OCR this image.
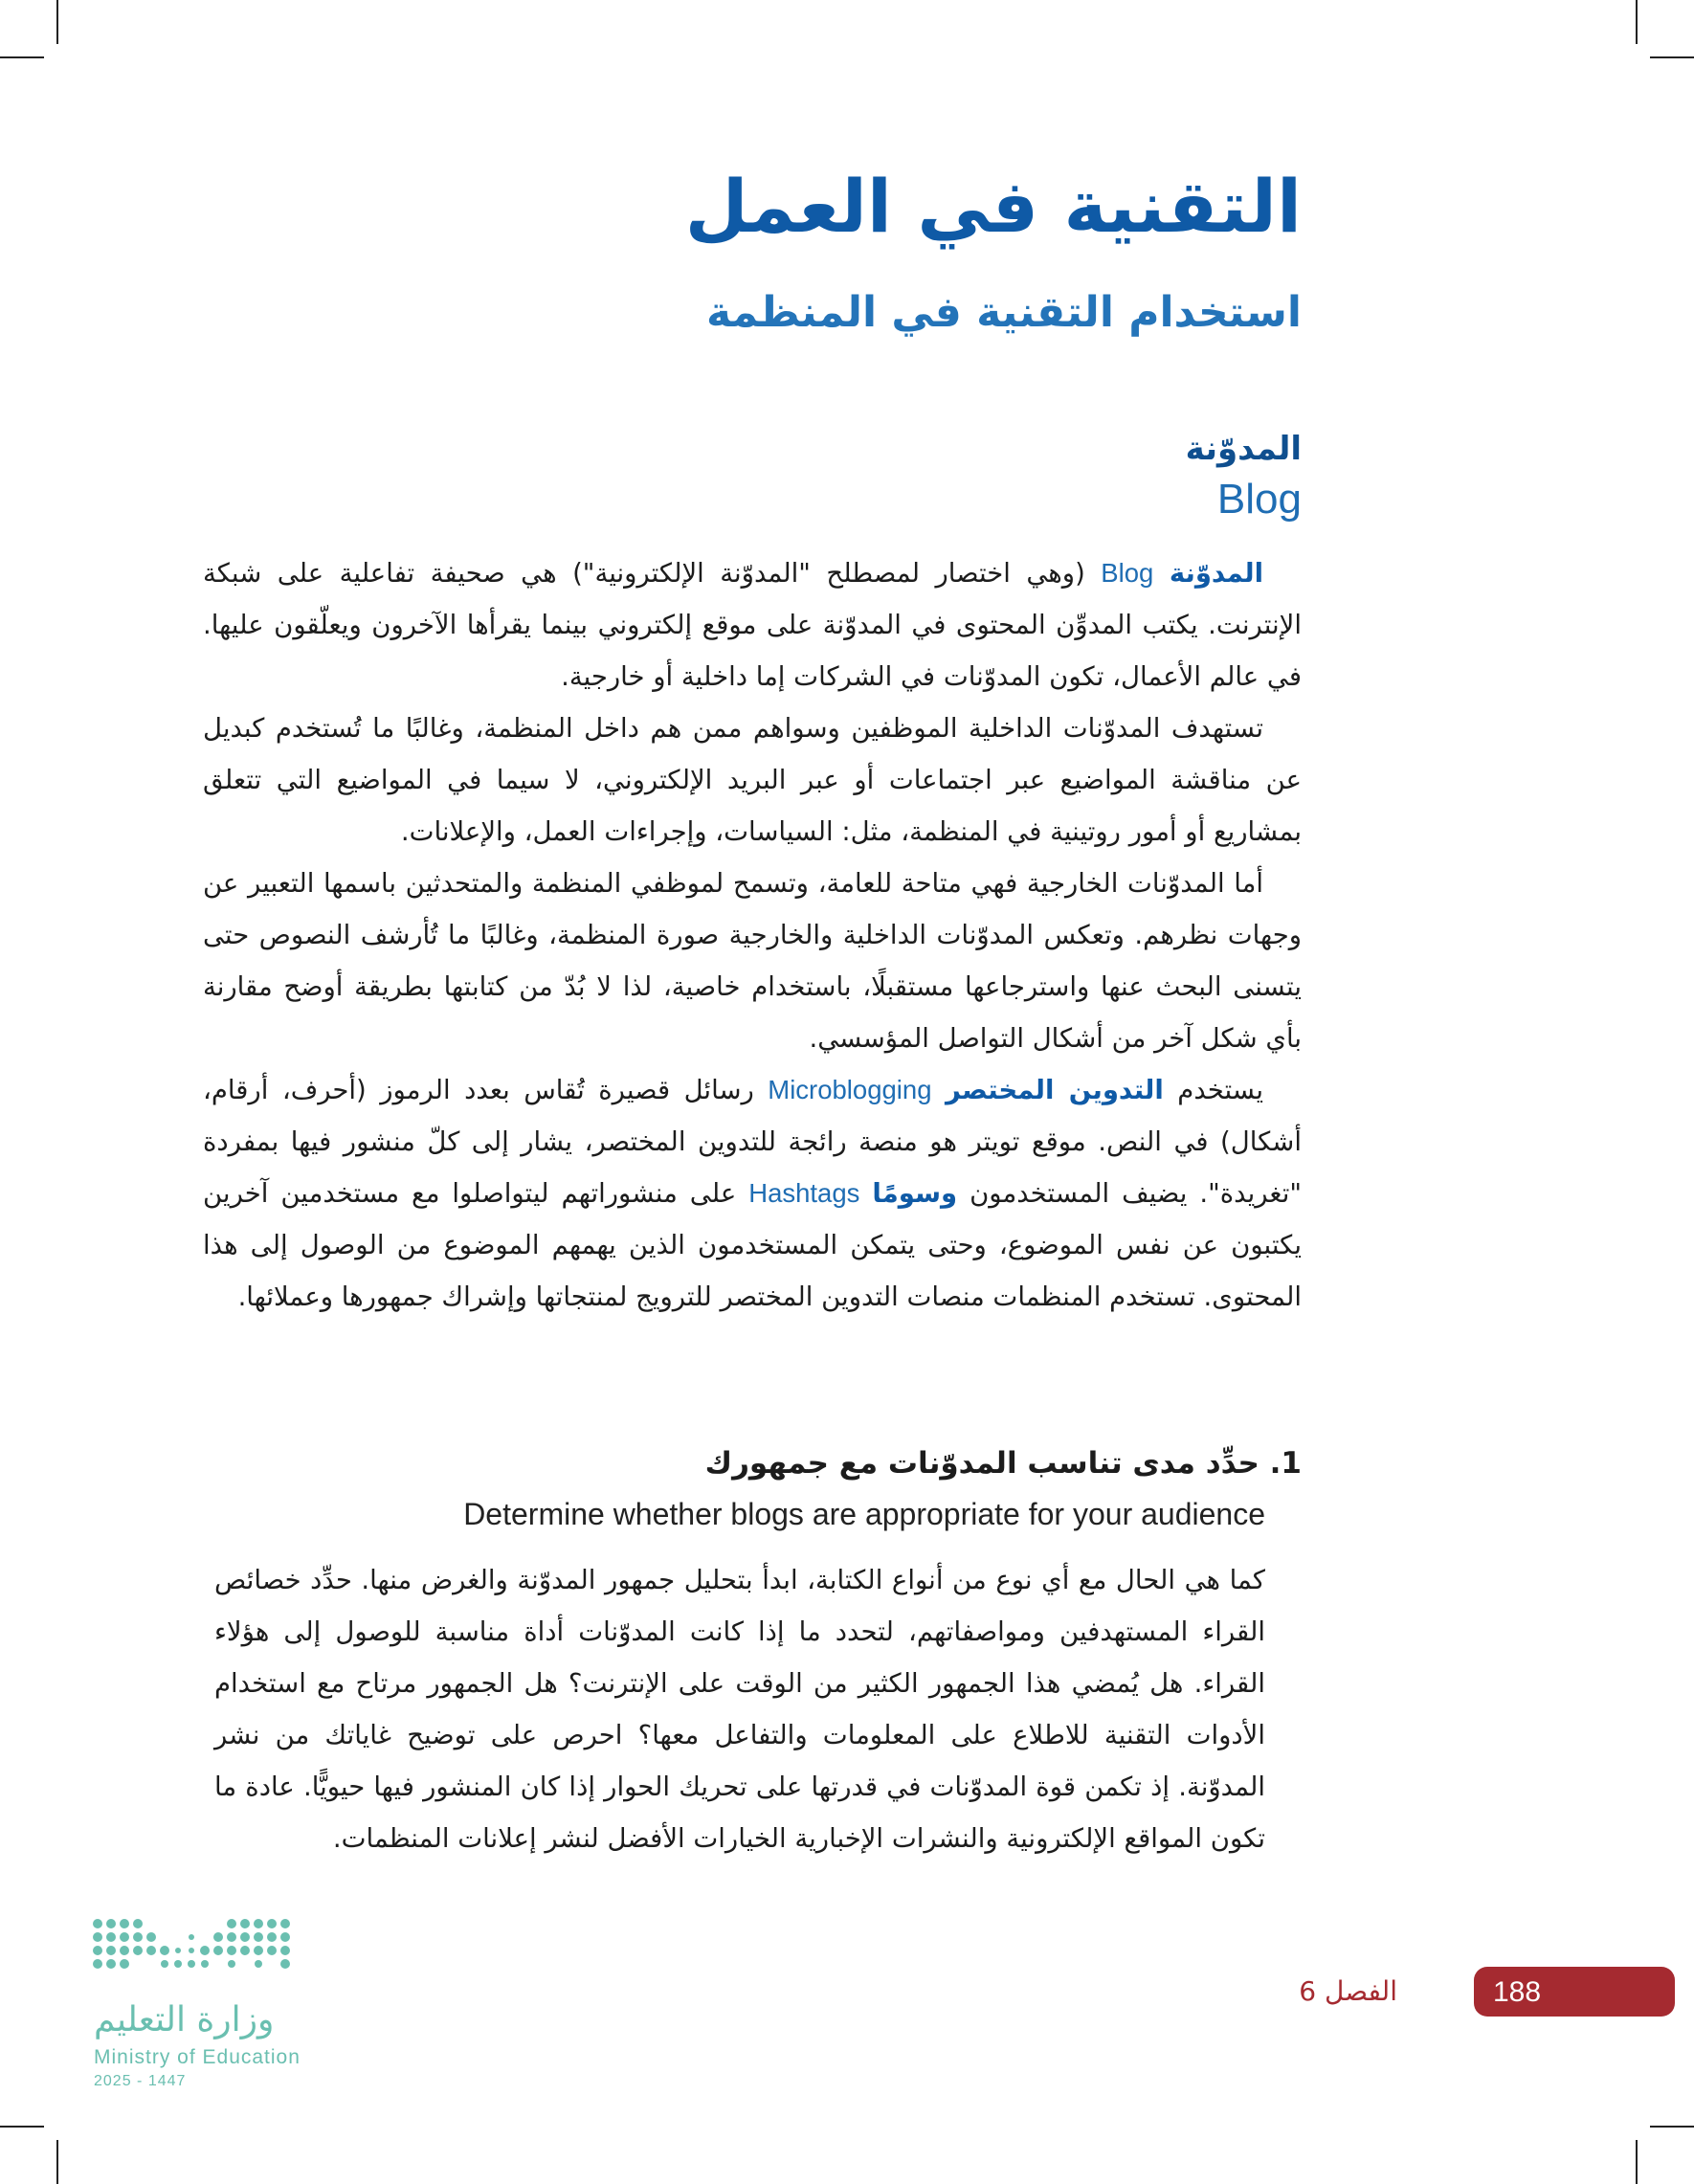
التقنية في العمل
استخدام التقنية في المنظمة
المدوّنة
Blog

المدوّنة Blog (وهي اختصار لمصطلح "المدوّنة الإلكترونية") هي صحيفة تفاعلية على شبكة الإنترنت. يكتب المدوِّن المحتوى في المدوّنة على موقع إلكتروني بينما يقرأها الآخرون ويعلّقون عليها. في عالم الأعمال، تكون المدوّنات في الشركات إما داخلية أو خارجية.

تستهدف المدوّنات الداخلية الموظفين وسواهم ممن هم داخل المنظمة، وغالبًا ما تُستخدم كبديل عن مناقشة المواضيع عبر اجتماعات أو عبر البريد الإلكتروني، لا سيما في المواضيع التي تتعلق بمشاريع أو أمور روتينية في المنظمة، مثل: السياسات، وإجراءات العمل، والإعلانات.

أما المدوّنات الخارجية فهي متاحة للعامة، وتسمح لموظفي المنظمة والمتحدثين باسمها التعبير عن وجهات نظرهم. وتعكس المدوّنات الداخلية والخارجية صورة المنظمة، وغالبًا ما تُأرشف النصوص حتى يتسنى البحث عنها واسترجاعها مستقبلًا، باستخدام خاصية، لذا لا بُدّ من كتابتها بطريقة أوضح مقارنة بأي شكل آخر من أشكال التواصل المؤسسي.

يستخدم التدوين المختصر Microblogging رسائل قصيرة تُقاس بعدد الرموز (أحرف، أرقام، أشكال) في النص. موقع تويتر هو منصة رائجة للتدوين المختصر، يشار إلى كلّ منشور فيها بمفردة "تغريدة". يضيف المستخدمون وسومًا Hashtags على منشوراتهم ليتواصلوا مع مستخدمين آخرين يكتبون عن نفس الموضوع، وحتى يتمكن المستخدمون الذين يهمهم الموضوع من الوصول إلى هذا المحتوى. تستخدم المنظمات منصات التدوين المختصر للترويج لمنتجاتها وإشراك جمهورها وعملائها.

1. حدِّد مدى تناسب المدوّنات مع جمهورك
Determine whether blogs are appropriate for your audience

كما هي الحال مع أي نوع من أنواع الكتابة، ابدأ بتحليل جمهور المدوّنة والغرض منها. حدِّد خصائص القراء المستهدفين ومواصفاتهم، لتحدد ما إذا كانت المدوّنات أداة مناسبة للوصول إلى هؤلاء القراء. هل يُمضي هذا الجمهور الكثير من الوقت على الإنترنت؟ هل الجمهور مرتاح مع استخدام الأدوات التقنية للاطلاع على المعلومات والتفاعل معها؟ احرص على توضيح غاياتك من نشر المدوّنة. إذ تكمن قوة المدوّنات في قدرتها على تحريك الحوار إذا كان المنشور فيها حيويًّا. عادة ما تكون المواقع الإلكترونية والنشرات الإخبارية الخيارات الأفضل لنشر إعلانات المنظمات.

188
الفصل 6
وزارة التعليم
Ministry of Education
2025 - 1447
